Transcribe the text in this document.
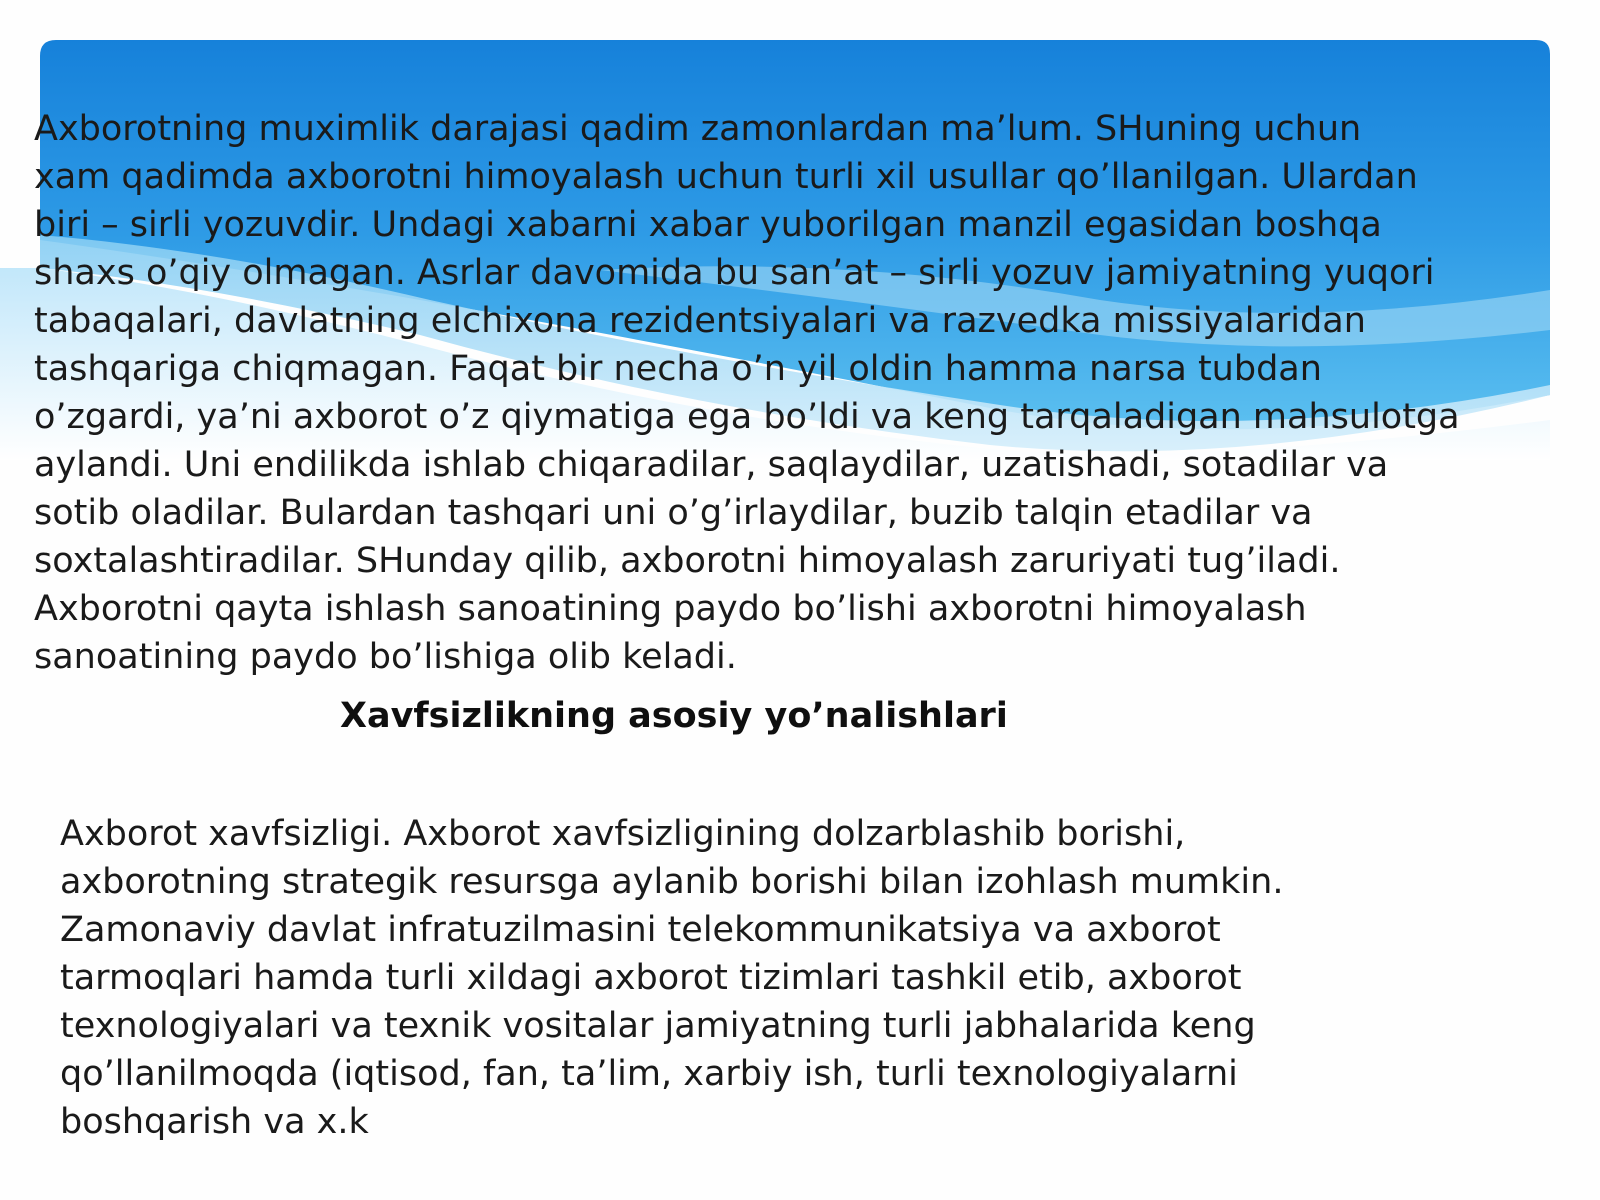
Axborotning muximlik darajasi qadim zamonlardan ma’lum. SHuning uchun
xam qadimda axborotni himoyalash uchun turli xil usullar qo’llanilgan. Ulardan
biri – sirli yozuvdir. Undagi xabarni xabar yuborilgan manzil egasidan boshqa
shaxs o’qiy olmagan. Asrlar davomida bu san’at – sirli yozuv jamiyatning yuqori
tabaqalari, davlatning elchixona rezidentsiyalari va razvedka missiyalaridan
tashqariga chiqmagan. Faqat bir necha o’n yil oldin hamma narsa tubdan
o’zgardi, ya’ni axborot o’z qiymatiga ega bo’ldi va keng tarqaladigan mahsulotga
aylandi. Uni endilikda ishlab chiqaradilar, saqlaydilar, uzatishadi, sotadilar va
sotib oladilar. Bulardan tashqari uni o’g’irlaydilar, buzib talqin etadilar va
soxtalashtiradilar. SHunday qilib, axborotni himoyalash zaruriyati tug’iladi.
Axborotni qayta ishlash sanoatining paydo bo’lishi axborotni himoyalash
sanoatining paydo bo’lishiga olib keladi.

Xavfsizlikning asosiy yo’nalishlari

Axborot xavfsizligi. Axborot xavfsizligining dolzarblashib borishi,
axborotning strategik resursga aylanib borishi bilan izohlash mumkin.
Zamonaviy davlat infratuzilmasini telekommunikatsiya va axborot
tarmoqlari hamda turli xildagi axborot tizimlari tashkil etib, axborot
texnologiyalari va texnik vositalar jamiyatning turli jabhalarida keng
qo’llanilmoqda (iqtisod, fan, ta’lim, xarbiy ish, turli texnologiyalarni
boshqarish va x.k
